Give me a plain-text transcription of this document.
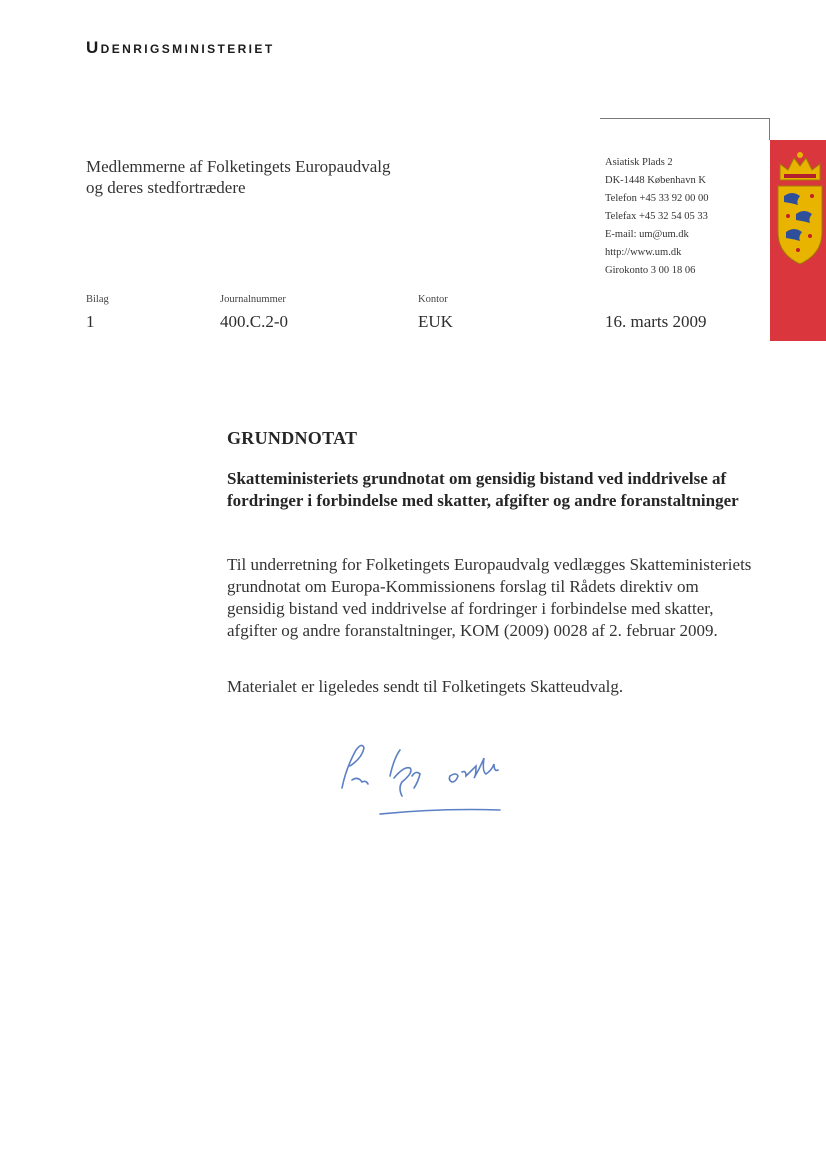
Udenrigsministeriet
Medlemmerne af Folketingets Europaudvalg
og deres stedfortrædere
Asiatisk Plads 2
DK-1448 København K
Telefon +45 33 92 00 00
Telefax +45 32 54 05 33
E-mail: um@um.dk
http://www.um.dk
Girokonto 3 00 18 06
Bilag
1
Journalnummer
400.C.2-0
Kontor
EUK	16. marts 2009
GRUNDNOTAT
Skatteministeriets grundnotat om gensidig bistand ved inddrivelse af fordringer i forbindelse med skatter, afgifter og andre foranstaltninger
Til underretning for Folketingets Europaudvalg vedlægges Skatteministeriets grundnotat om Europa-Kommissionens forslag til Rådets direktiv om gensidig bistand ved inddrivelse af fordringer i forbindelse med skatter, afgifter og andre foranstaltninger, KOM (2009) 0028 af 2. februar 2009.
Materialet er ligeledes sendt til Folketingets Skatteudvalg.
